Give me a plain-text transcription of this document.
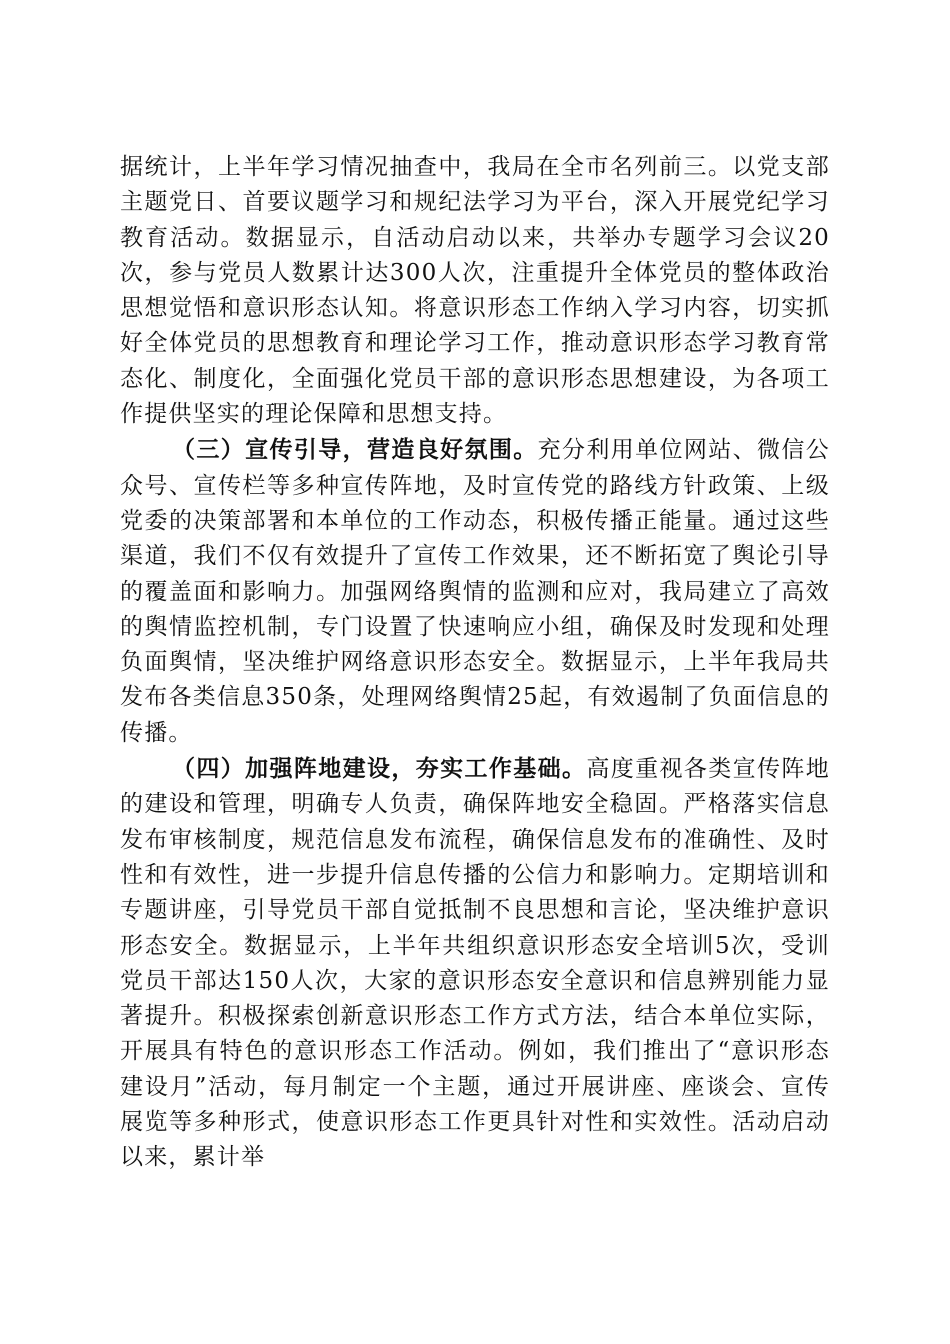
据统计，上半年学习情况抽查中，我局在全市名列前三。以党支部主题党日、首要议题学习和规纪法学习为平台，深入开展党纪学习教育活动。数据显示，自活动启动以来，共举办专题学习会议20次，参与党员人数累计达300人次，注重提升全体党员的整体政治思想觉悟和意识形态认知。将意识形态工作纳入学习内容，切实抓好全体党员的思想教育和理论学习工作，推动意识形态学习教育常态化、制度化，全面强化党员干部的意识形态思想建设，为各项工作提供坚实的理论保障和思想支持。

（三）宣传引导，营造良好氛围。充分利用单位网站、微信公众号、宣传栏等多种宣传阵地，及时宣传党的路线方针政策、上级党委的决策部署和本单位的工作动态，积极传播正能量。通过这些渠道，我们不仅有效提升了宣传工作效果，还不断拓宽了舆论引导的覆盖面和影响力。加强网络舆情的监测和应对，我局建立了高效的舆情监控机制，专门设置了快速响应小组，确保及时发现和处理负面舆情，坚决维护网络意识形态安全。数据显示，上半年我局共发布各类信息350条，处理网络舆情25起，有效遏制了负面信息的传播。

（四）加强阵地建设，夯实工作基础。高度重视各类宣传阵地的建设和管理，明确专人负责，确保阵地安全稳固。严格落实信息发布审核制度，规范信息发布流程，确保信息发布的准确性、及时性和有效性，进一步提升信息传播的公信力和影响力。定期培训和专题讲座，引导党员干部自觉抵制不良思想和言论，坚决维护意识形态安全。数据显示，上半年共组织意识形态安全培训5次，受训党员干部达150人次，大家的意识形态安全意识和信息辨别能力显著提升。积极探索创新意识形态工作方式方法，结合本单位实际，开展具有特色的意识形态工作活动。例如，我们推出了“意识形态建设月”活动，每月制定一个主题，通过开展讲座、座谈会、宣传展览等多种形式，使意识形态工作更具针对性和实效性。活动启动以来，累计举
